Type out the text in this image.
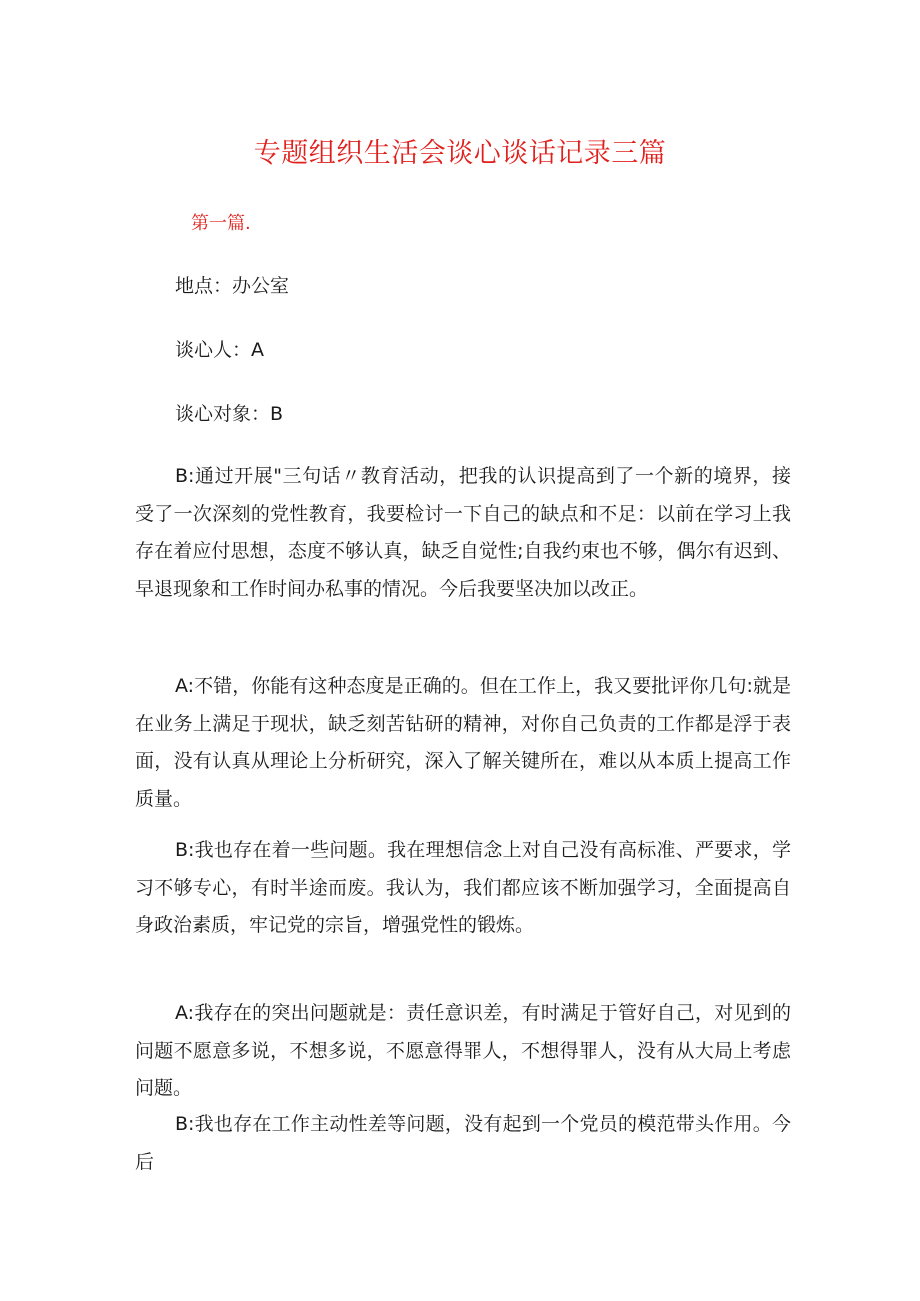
专题组织生活会谈心谈话记录三篇

第一篇.

地点：办公室

谈心人：A

谈心对象：B

B:通过开展"三句话〃教育活动，把我的认识提高到了一个新的境界，接受了一次深刻的党性教育，我要检讨一下自己的缺点和不足：以前在学习上我存在着应付思想，态度不够认真，缺乏自觉性;自我约束也不够，偶尔有迟到、早退现象和工作时间办私事的情况。今后我要坚决加以改正。

A:不错，你能有这种态度是正确的。但在工作上，我又要批评你几句:就是在业务上满足于现状，缺乏刻苦钻研的精神，对你自己负责的工作都是浮于表面，没有认真从理论上分析研究，深入了解关键所在，难以从本质上提高工作质量。

B:我也存在着一些问题。我在理想信念上对自己没有高标准、严要求，学习不够专心，有时半途而废。我认为，我们都应该不断加强学习，全面提高自身政治素质，牢记党的宗旨，增强党性的锻炼。

A:我存在的突出问题就是：责任意识差，有时满足于管好自己，对见到的问题不愿意多说，不想多说，不愿意得罪人，不想得罪人，没有从大局上考虑问题。

B:我也存在工作主动性差等问题，没有起到一个党员的模范带头作用。今后
